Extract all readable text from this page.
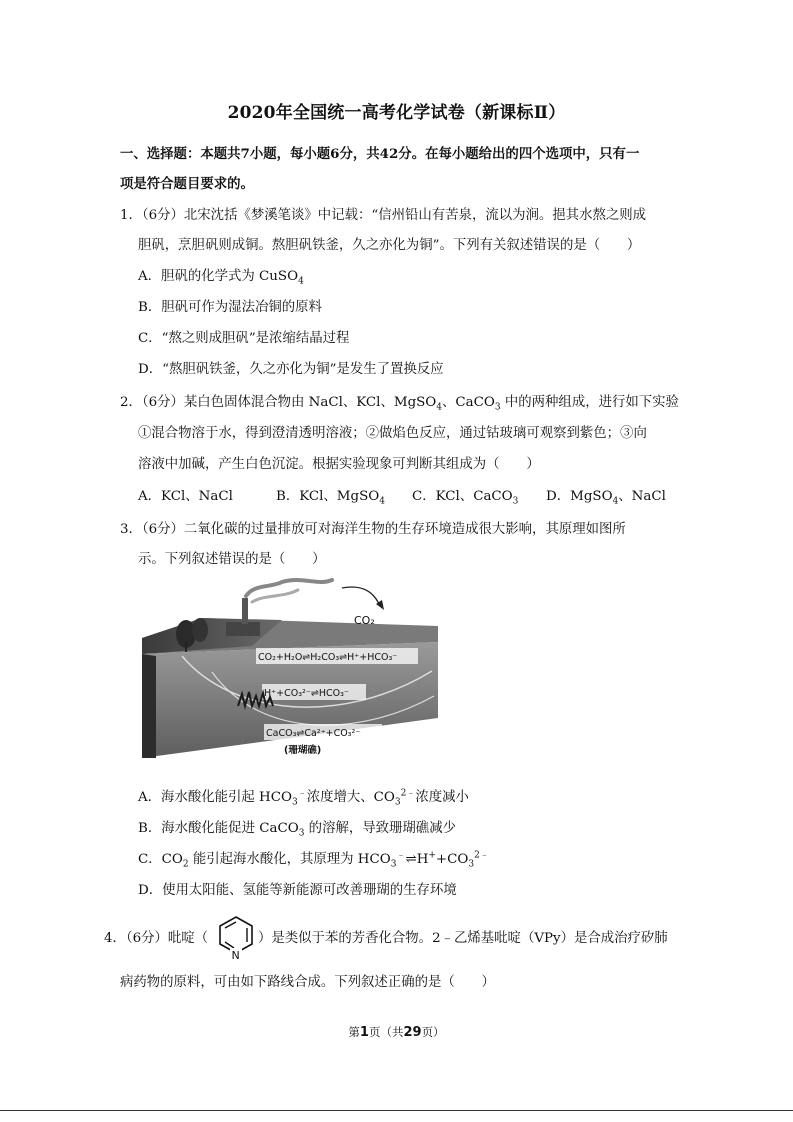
2020年全国统一高考化学试卷（新课标Ⅱ）
一、选择题：本题共7小题，每小题6分，共42分。在每小题给出的四个选项中，只有一
项是符合题目要求的。
1．（6分）北宋沈括《梦溪笔谈》中记载：“信州铅山有苦泉，流以为涧。挹其水熬之则成
胆矾，烹胆矾则成铜。熬胆矾铁釜，久之亦化为铜”。下列有关叙述错误的是（　　）
A．胆矾的化学式为 CuSO$_4$
B．胆矾可作为湿法冶铜的原料
C．“熬之则成胆矾”是浓缩结晶过程
D．“熬胆矾铁釜，久之亦化为铜”是发生了置换反应
2．（6分）某白色固体混合物由 NaCl、KCl、MgSO$_4$、CaCO$_3$ 中的两种组成，进行如下实验
①混合物溶于水，得到澄清透明溶液；②做焰色反应，通过钴玻璃可观察到紫色；③向
溶液中加碱，产生白色沉淀。根据实验现象可判断其组成为（　　）
A．KCl、NaCl	B．KCl、MgSO$_4$ C．KCl、CaCO$_3$ D．MgSO$_4$、NaCl
3．（6分）二氧化碳的过量排放可对海洋生物的生存环境造成很大影响，其原理如图所
示。下列叙述错误的是（　　）
CO₂
CO₂+H₂O⇌H₂CO₃⇌H⁺+HCO₃⁻
H⁺+CO₃²⁻⇌HCO₃⁻
CaCO₃⇌Ca²⁺+CO₃²⁻
(珊瑚礁)
A．海水酸化能引起 $HCO_3^﹣$浓度增大、$CO_3^{2﹣}$浓度减小
B．海水酸化能促进 CaCO$_3$ 的溶解，导致珊瑚礁减少
C．$CO_2$ 能引起海水酸化，其原理为 $HCO_3^﹣\rightleftharpoons H^++CO_3^{2﹣}$
D．使用太阳能、氢能等新能源可改善珊瑚的生存环境
4．（6分）吡啶（
N
）是类似于苯的芳香化合物。2﹣乙烯基吡啶（VPy）是合成治疗矽肺
病药物的原料，可由如下路线合成。下列叙述正确的是（　　）
第1页（共29页）
